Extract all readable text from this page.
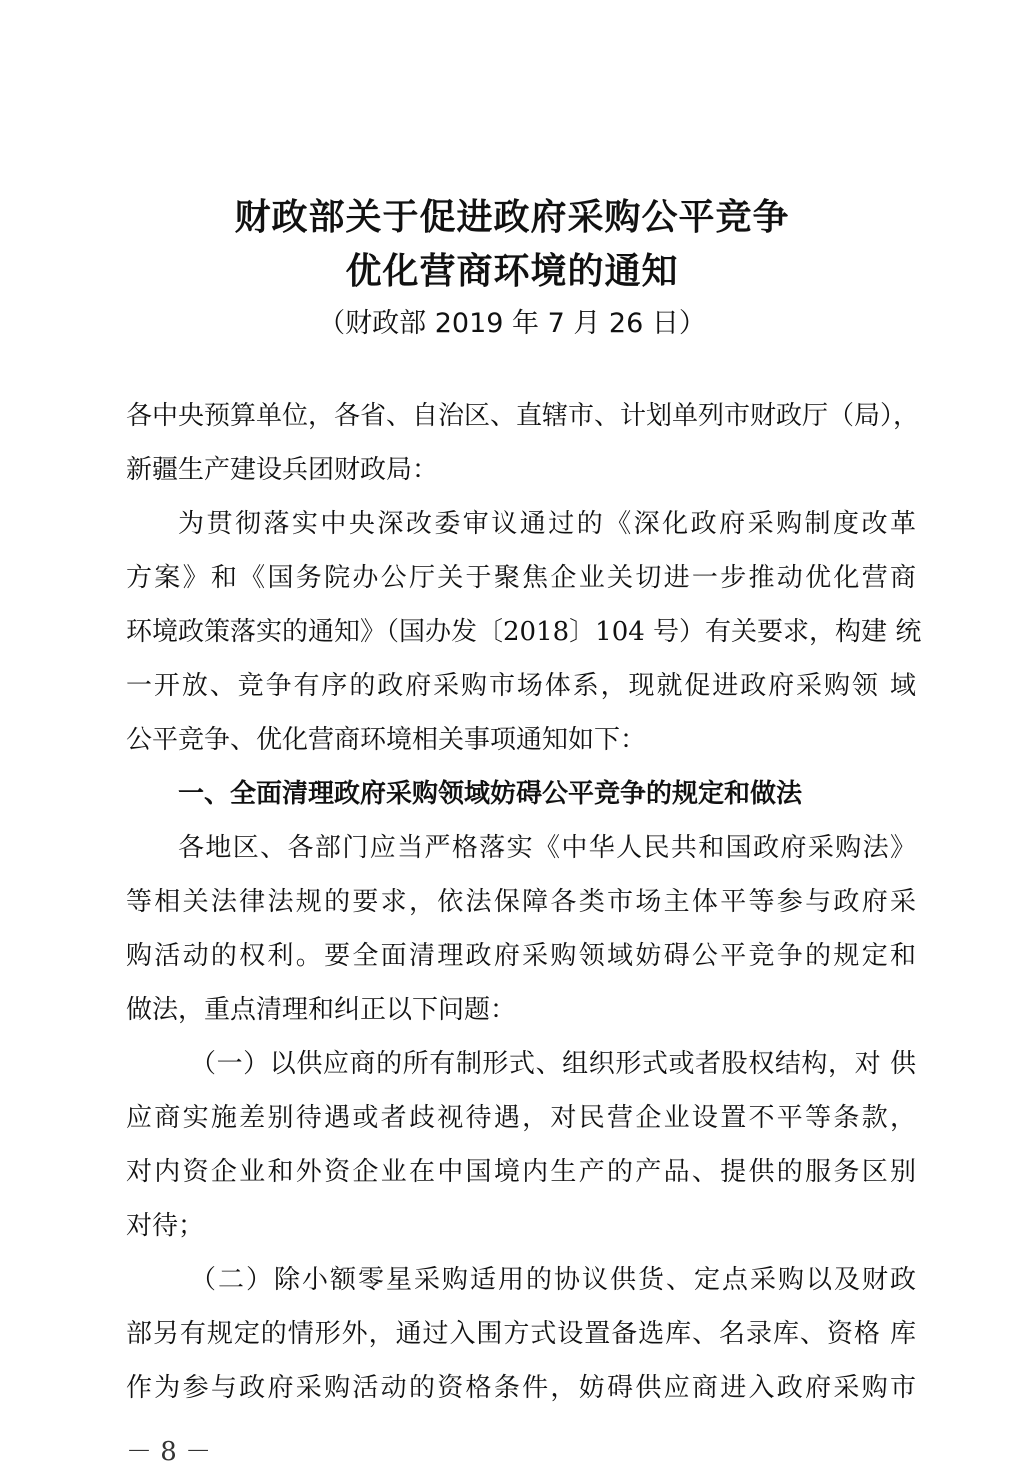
财政部关于促进政府采购公平竞争
优化营商环境的通知
（财政部 2019 年 7 月 26 日）
各中央预算单位，各省、自治区、直辖市、计划单列市财政厅（局），
新疆生产建设兵团财政局：
为贯彻落实中央深改委审议通过的《深化政府采购制度改革
方案》和《国务院办公厅关于聚焦企业关切进一步推动优化营商
环境政策落实的通知》（国办发〔2018〕104 号）有关要求，构建 统
一开放、竞争有序的政府采购市场体系，现就促进政府采购领 域
公平竞争、优化营商环境相关事项通知如下：
一、全面清理政府采购领域妨碍公平竞争的规定和做法
各地区、各部门应当严格落实《中华人民共和国政府采购法》
等相关法律法规的要求，依法保障各类市场主体平等参与政府采
购活动的权利。要全面清理政府采购领域妨碍公平竞争的规定和
做法，重点清理和纠正以下问题：
（一）以供应商的所有制形式、组织形式或者股权结构，对 供
应商实施差别待遇或者歧视待遇，对民营企业设置不平等条款，
对内资企业和外资企业在中国境内生产的产品、提供的服务区别
对待；
（二）除小额零星采购适用的协议供货、定点采购以及财政
部另有规定的情形外，通过入围方式设置备选库、名录库、资格 库
作为参与政府采购活动的资格条件，妨碍供应商进入政府采购市
－ 8 －
